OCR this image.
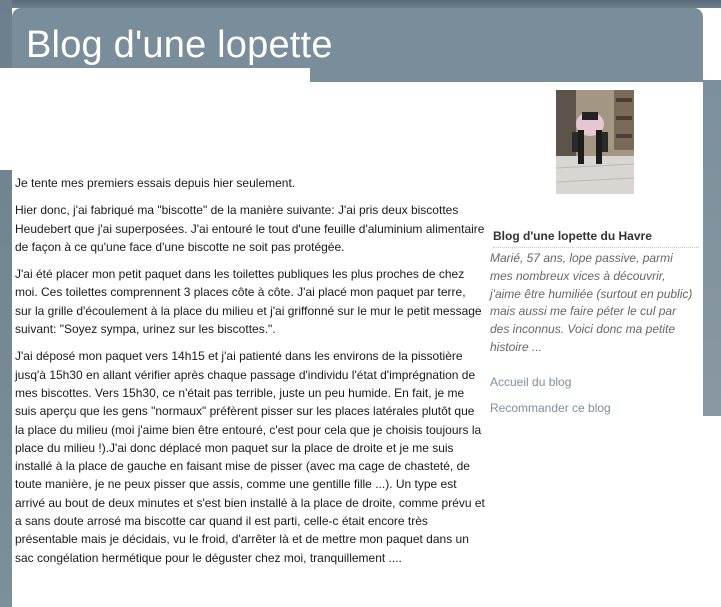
Blog d'une lopette

Je tente mes premiers essais depuis hier seulement.

Hier donc, j'ai fabriqué ma "biscotte" de la manière suivante: J'ai pris deux biscottes Heudebert que j'ai superposées. J'ai entouré le tout d'une feuille d'aluminium alimentaire de façon à ce qu'une face d'une biscotte ne soit pas protégée.

J'ai été placer mon petit paquet dans les toilettes publiques les plus proches de chez moi. Ces toilettes comprennent 3 places côte à côte. J'ai placé mon paquet par terre, sur la grille d'écoulement à la place du milieu et j'ai griffonné sur le mur le petit message suivant: "Soyez sympa, urinez sur les biscottes.".

J'ai déposé mon paquet vers 14h15 et j'ai patienté dans les environs de la pissotière jusq'à 15h30 en allant vérifier après chaque passage d'individu l'état d'imprégnation de mes biscottes. Vers 15h30, ce n'était pas terrible, juste un peu humide. En fait, je me suis aperçu que les gens "normaux" préfèrent pisser sur les places latérales plutôt que la place du milieu (moi j'aime bien être entouré, c'est pour cela que je choisis toujours la place du milieu !).J'ai donc déplacé mon paquet sur la place de droite et je me suis installé à la place de gauche en faisant mise de pisser (avec ma cage de chasteté, de toute manière, je ne peux pisser que assis, comme une gentille fille ...). Un type est arrivé au bout de deux minutes et s'est bien installé à la place de droite, comme prévu et a sans doute arrosé ma biscotte car quand il est parti, celle-c était encore très présentable mais je décidais, vu le froid, d'arrêter là et de mettre mon paquet dans un sac congélation hermétique pour le déguster chez moi, tranquillement ....

Blog d'une lopette du Havre
Marié, 57 ans, lope passive, parmi mes nombreux vices à découvrir, j'aime être humiliée (surtout en public) mais aussi me faire péter le cul par des inconnus. Voici donc ma petite histoire ...
Accueil du blog
Recommander ce blog
